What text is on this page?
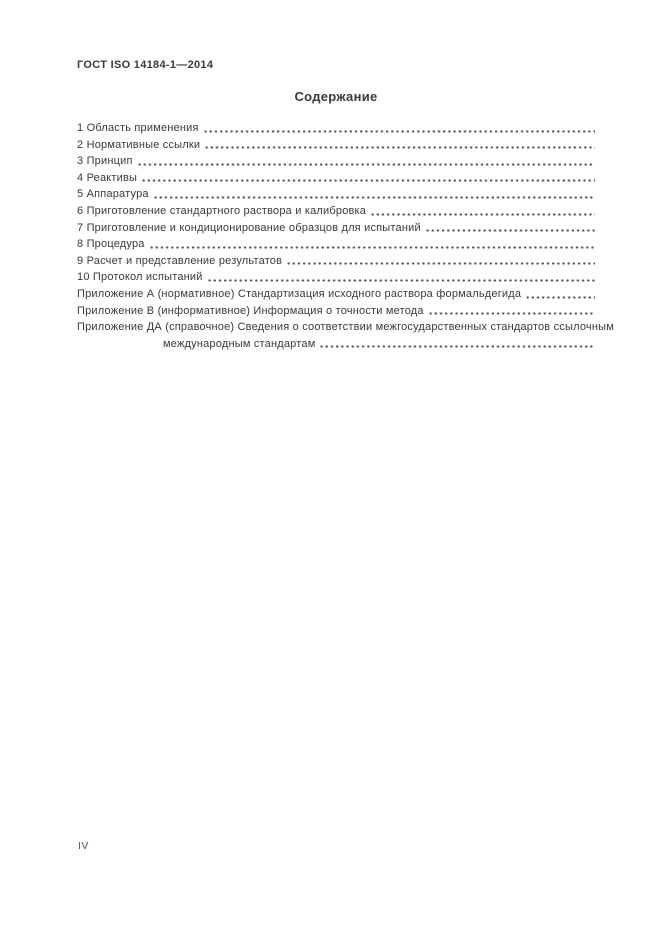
ГОСТ ISO 14184-1—2014
Содержание
1 Область применения
2 Нормативные ссылки
3 Принцип
4 Реактивы
5 Аппаратура
6 Приготовление стандартного раствора и калибровка
7 Приготовление и кондиционирование образцов для испытаний
8 Процедура
9 Расчет и представление результатов
10 Протокол испытаний
Приложение А (нормативное) Стандартизация исходного раствора формальдегида
Приложение В (информативное) Информация о точности метода
Приложение ДА (справочное) Сведения о соответствии межгосударственных стандартов ссылочным
международным стандартам
IV
